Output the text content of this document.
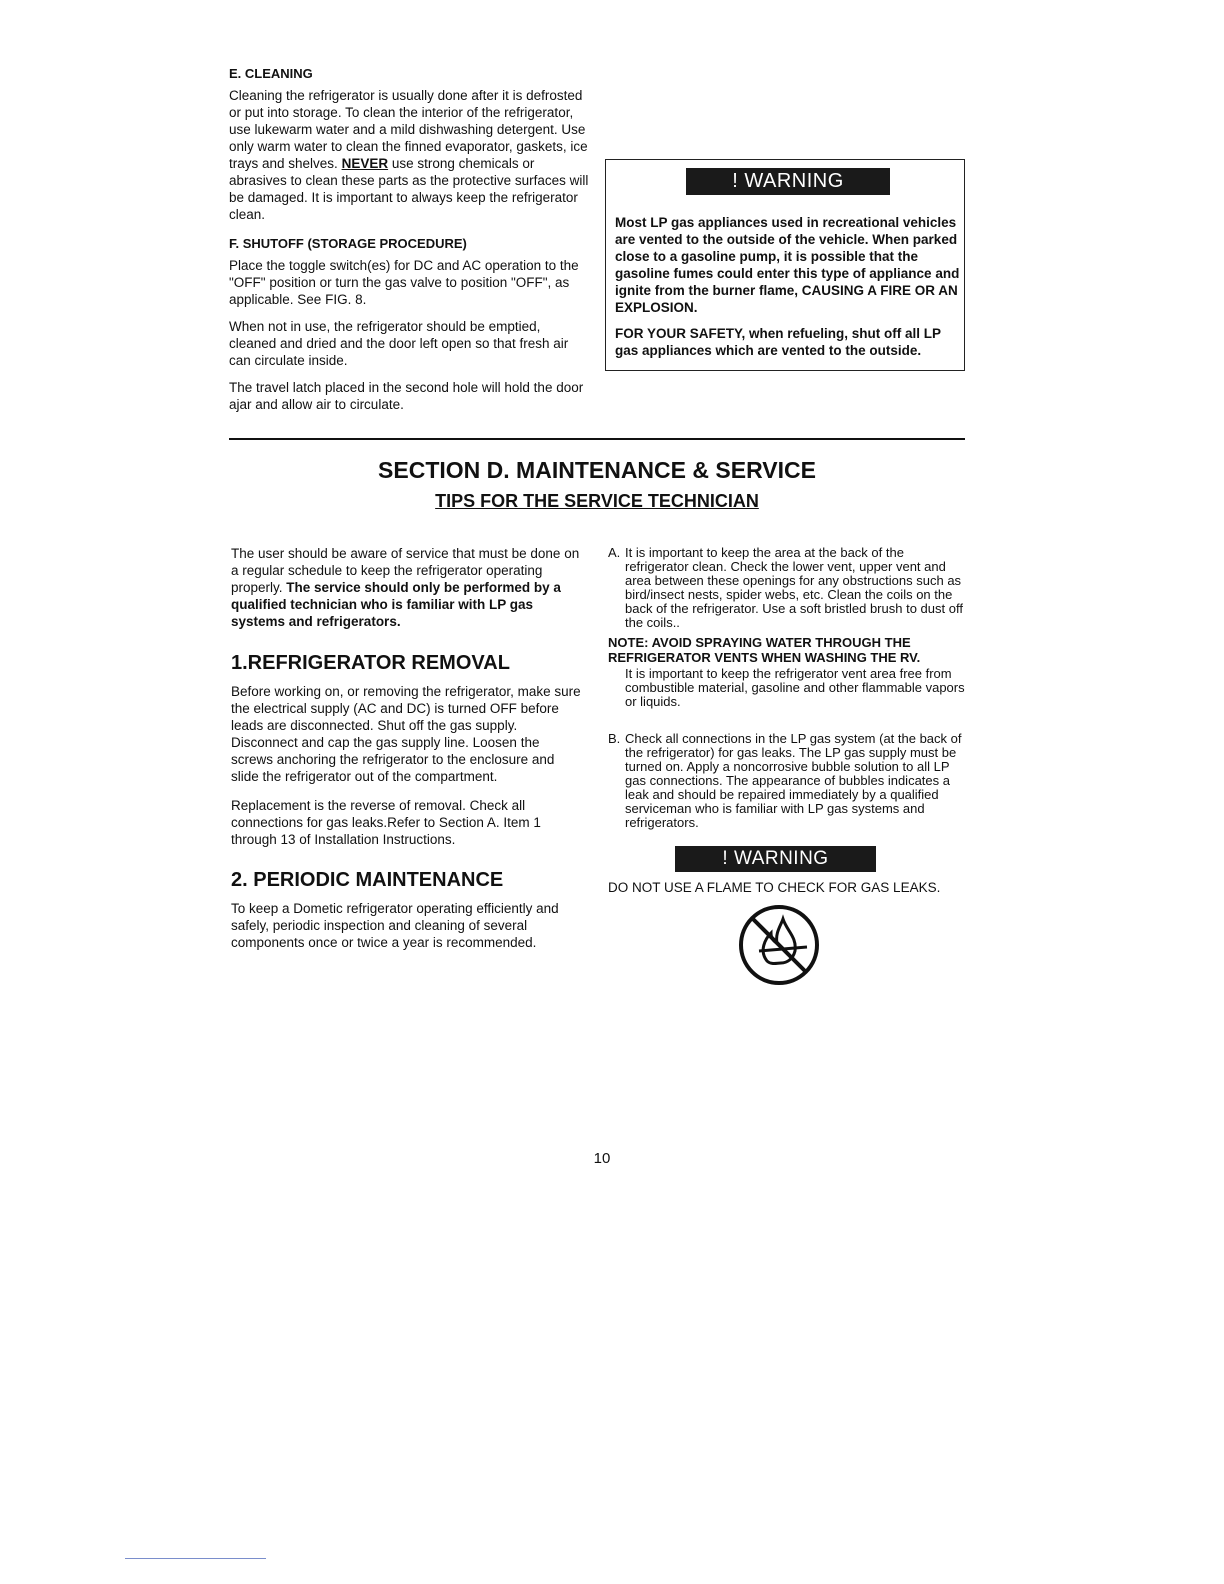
E. CLEANING
Cleaning the refrigerator is usually done after it is defrosted or put into storage. To clean the interior of the refrigerator, use lukewarm water and a mild dishwashing detergent. Use only warm water to clean the finned evaporator, gaskets, ice trays and shelves. NEVER use strong chemicals or abrasives to clean these parts as the protective surfaces will be damaged. It is important to always keep the refrigerator clean.
F. SHUTOFF (STORAGE PROCEDURE)
Place the toggle switch(es) for DC and AC operation to the "OFF" position or turn the gas valve to position "OFF", as applicable. See FIG. 8.
When not in use, the refrigerator should be emptied, cleaned and dried and the door left open so that fresh air can circulate inside.
The travel latch placed in the second hole will hold the door ajar and allow air to circulate.
! WARNING
Most LP gas appliances used in recreational vehicles are vented to the outside of the vehicle. When parked close to a gasoline pump, it is possible that the gasoline fumes could enter this type of appliance and ignite from the burner flame, CAUSING A FIRE OR AN EXPLOSION.
FOR YOUR SAFETY, when refueling, shut off all LP gas appliances which are vented to the outside.
SECTION D. MAINTENANCE & SERVICE
TIPS FOR THE SERVICE TECHNICIAN
The user should be aware of service that must be done on a regular schedule to keep the refrigerator operating properly. The service should only be performed by a qualified technician who is familiar with LP gas systems and refrigerators.
1.REFRIGERATOR REMOVAL
Before working on, or removing the refrigerator, make sure the electrical supply (AC and DC) is turned OFF before leads are disconnected. Shut off the gas supply. Disconnect and cap the gas supply line. Loosen the screws anchoring the refrigerator to the enclosure and slide the refrigerator out of the compartment.
Replacement is the reverse of removal. Check all connections for gas leaks.Refer to Section A. Item 1 through 13 of Installation Instructions.
2. PERIODIC MAINTENANCE
To keep a Dometic refrigerator operating efficiently and safely, periodic inspection and cleaning of several components once or twice a year is recommended.
A. It is important to keep the area at the back of the refrigerator clean. Check the lower vent, upper vent and area between these openings for any obstructions such as bird/insect nests, spider webs, etc. Clean the coils on the back of the refrigerator. Use a soft bristled brush to dust off the coils..
NOTE: AVOID SPRAYING WATER THROUGH THE REFRIGERATOR VENTS WHEN WASHING THE RV.
It is important to keep the refrigerator vent area free from combustible material, gasoline and other flammable vapors or liquids.
B. Check all connections in the LP gas system (at the back of the refrigerator) for gas leaks. The LP gas supply must be turned on. Apply a noncorrosive bubble solution to all LP gas connections. The appearance of bubbles indicates a leak and should be repaired immediately by a qualified serviceman who is familiar with LP gas systems and refrigerators.
! WARNING
DO NOT USE A FLAME TO CHECK FOR GAS LEAKS.
10
